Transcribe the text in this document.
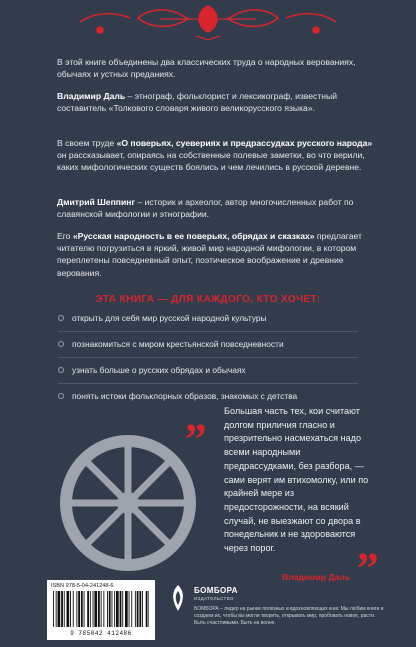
В этой книге объединены два классических труда о народных верованиях, обычаях и устных преданиях.

Владимир Даль – этнограф, фольклорист и лексикограф, известный составитель «Толкового словаря живого великорусского языка».

В своем труде «О поверьях, суевериях и предрассудках русского народа» он рассказывает, опираясь на собственные полевые заметки, во что верили, каких мифологических существ боялись и чем лечились в русской деревне.

Дмитрий Шеппинг – историк и археолог, автор многочисленных работ по славянской мифологии и этнографии.

Его «Русская народность в ее поверьях, обрядах и сказках» предлагает читателю погрузиться в яркий, живой мир народной мифологии, в котором переплетены повседневный опыт, поэтическое воображение и древние верования.

ЭТА КНИГА — ДЛЯ КАЖДОГО, КТО ХОЧЕТ:
открыть для себя мир русской народной культуры
познакомиться с миром крестьянской повседневности
узнать больше о русских обрядах и обычаях
понять истоки фольклорных образов, знакомых с детства
„ Большая часть тех, кои считают долгом приличия гласно и презрительно насмехаться надо всеми народными предрассудками, без разбора, — сами верят им втихомолку, или по крайней мере из предосторожности, на всякий случай, не выезжают со двора в понедельник и не здороваются через порог.	„
Владимир Даль
ISBN 978-5-04-241248-6
9 785042 412486
БОМБОРА
ИЗДАТЕЛЬСТВО

БОМБОРА – лидер на рынке полезных и вдохновляющих книг. Мы любим книги и создаем их, чтобы вы могли творить, открывать мир, пробовать новое, расти. Быть счастливыми. Быть на волне.
